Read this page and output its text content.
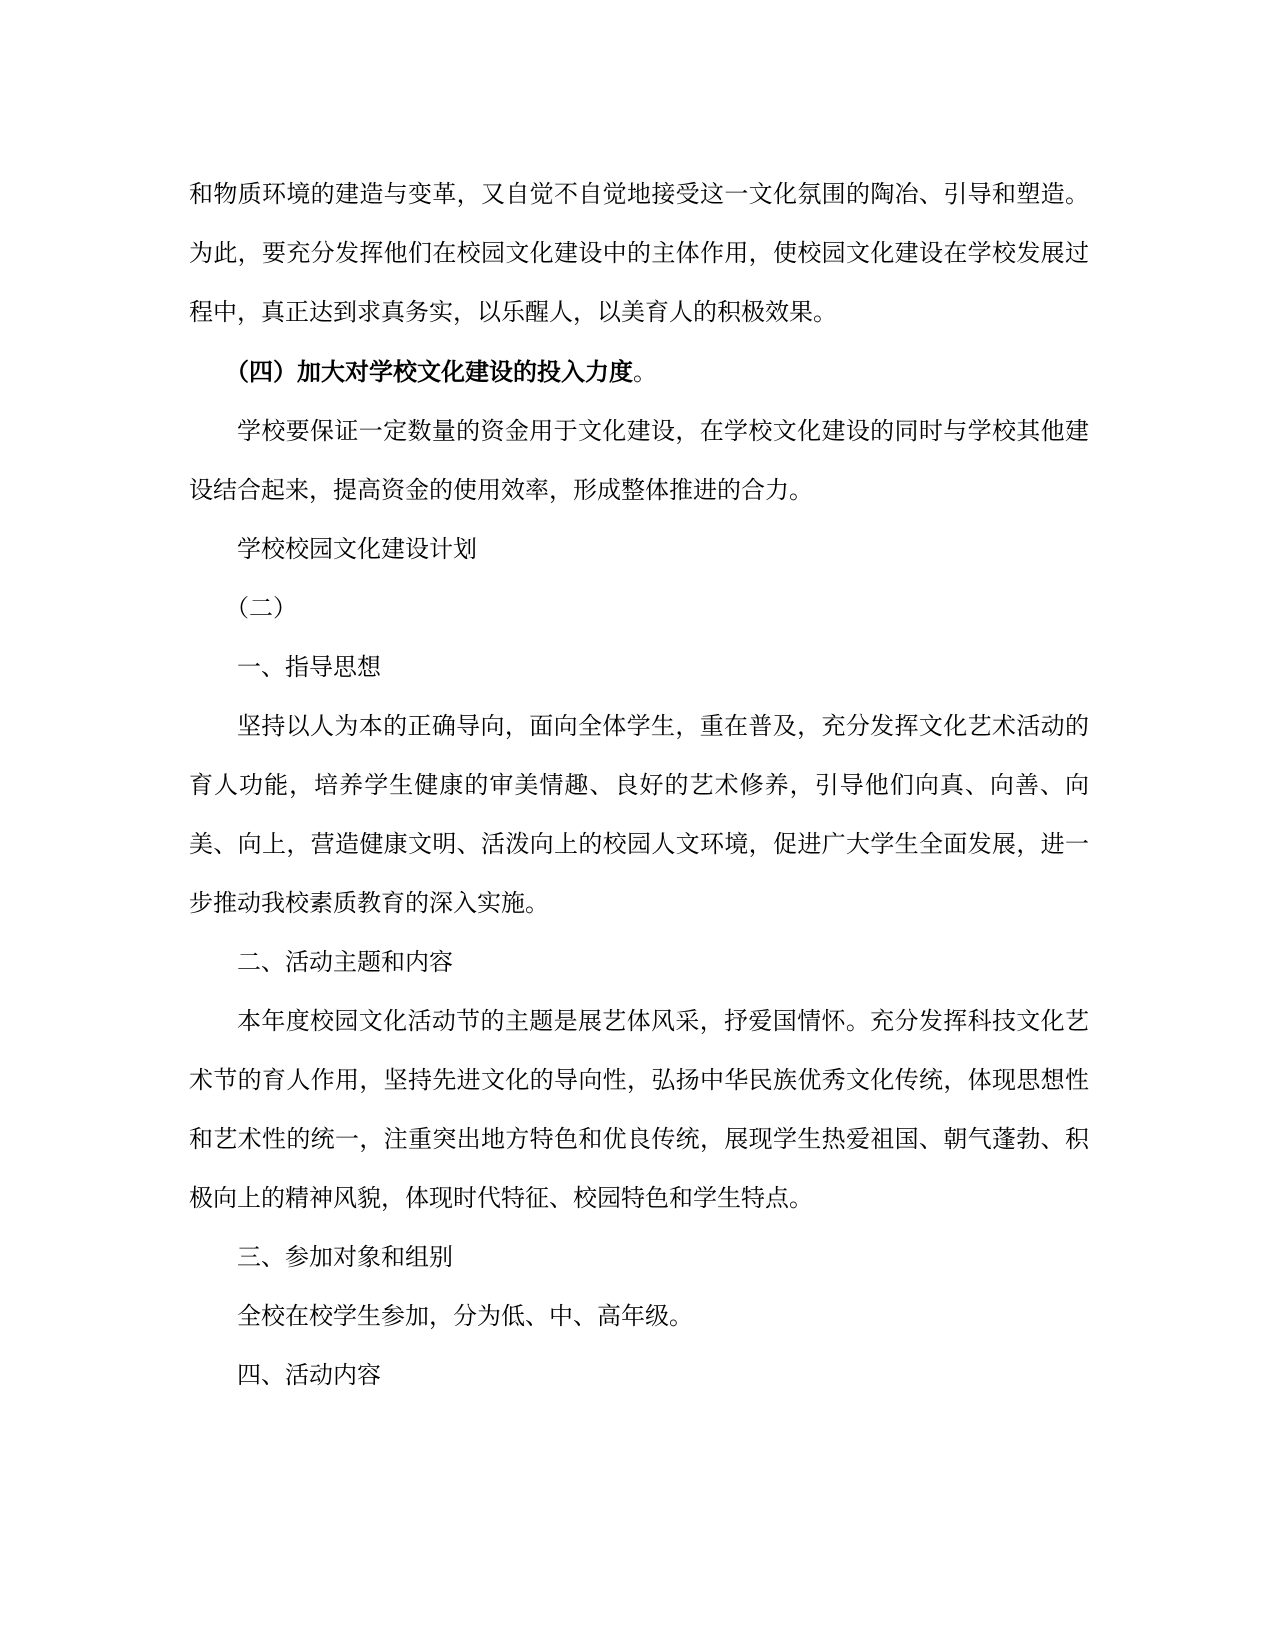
和物质环境的建造与变革，又自觉不自觉地接受这一文化氛围的陶冶、引导和塑造。为此，要充分发挥他们在校园文化建设中的主体作用，使校园文化建设在学校发展过程中，真正达到求真务实，以乐醒人，以美育人的积极效果。

（四）加大对学校文化建设的投入力度。

学校要保证一定数量的资金用于文化建设，在学校文化建设的同时与学校其他建设结合起来，提高资金的使用效率，形成整体推进的合力。

学校校园文化建设计划

（二）

一、指导思想

坚持以人为本的正确导向，面向全体学生，重在普及，充分发挥文化艺术活动的育人功能，培养学生健康的审美情趣、良好的艺术修养，引导他们向真、向善、向美、向上，营造健康文明、活泼向上的校园人文环境，促进广大学生全面发展，进一步推动我校素质教育的深入实施。

二、活动主题和内容

本年度校园文化活动节的主题是展艺体风采，抒爱国情怀。充分发挥科技文化艺术节的育人作用，坚持先进文化的导向性，弘扬中华民族优秀文化传统，体现思想性和艺术性的统一，注重突出地方特色和优良传统，展现学生热爱祖国、朝气蓬勃、积极向上的精神风貌，体现时代特征、校园特色和学生特点。

三、参加对象和组别

全校在校学生参加，分为低、中、高年级。

四、活动内容
